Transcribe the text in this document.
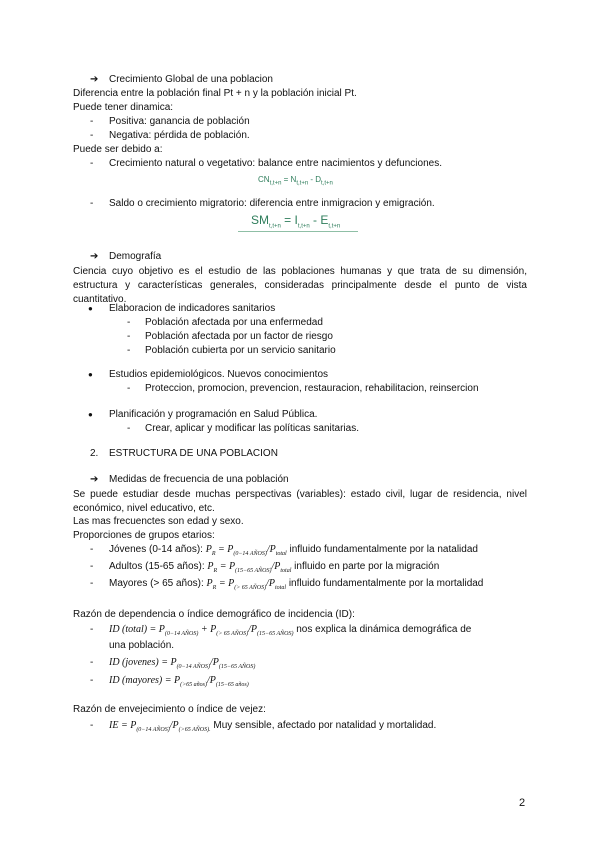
➔ Crecimiento Global de una poblacion
Diferencia entre la población final Pt + n y la población inicial Pt.
Puede tener dinamica:
- Positiva: ganancia de población
- Negativa: pérdida de población.
Puede ser debido a:
- Crecimiento natural o vegetativo: balance entre nacimientos y defunciones.
$CN_{t,t+n} = N_{t,t+n} - D_{t,t+n}$
- Saldo o crecimiento migratorio: diferencia entre inmigracion y emigración.
$SM_{t,t+n} = I_{t,t+n} - E_{t,t+n}$
➔ Demografía
Ciencia cuyo objetivo es el estudio de las poblaciones humanas y que trata de su dimensión, estructura y características generales, consideradas principalmente desde el punto de vista cuantitativo.
● Elaboracion de indicadores sanitarios
- Población afectada por una enfermedad
- Población afectada por un factor de riesgo
- Población cubierta por un servicio sanitario
● Estudios epidemiológicos. Nuevos conocimientos
- Proteccion, promocion, prevencion, restauracion, rehabilitacion, reinsercion
● Planificación y programación en Salud Pública.
- Crear, aplicar y modificar las políticas sanitarias.
2. ESTRUCTURA DE UNA POBLACION
➔ Medidas de frecuencia de una población
Se puede estudiar desde muchas perspectivas (variables): estado civil, lugar de residencia, nivel económico, nivel educativo, etc.
Las mas frecuenctes son edad y sexo.
Proporciones de grupos etarios:
- Jóvenes (0-14 años): $P_R = P_{(0-14 AÑOS)}/P_{total}$ influido fundamentalmente por la natalidad
- Adultos (15-65 años): $P_R = P_{(15-65 AÑOS)}/P_{total}$ influido en parte por la migración
- Mayores (> 65 años): $P_R = P_{(> 65 AÑOS)}/P_{total}$ influido fundamentalmente por la mortalidad
Razón de dependencia o índice demográfico de incidencia (ID):
- ID (total) = $P_{(0-14 AÑOS)} + P_{(> 65 AÑOS)}/P_{(15-65 AÑOS)}$ nos explica la dinámica demográfica de
una población.
- ID (jovenes) = $P_{(0-14 AÑOS)}/P_{(15-65 AÑOS)}$
- ID (mayores) = $P_{(>65 años)}/P_{(15-65 años)}$
Razón de envejecimiento o índice de vejez:
- IE = $P_{(0-14 AÑOS)}/P_{(>65 AÑOS).}$ Muy sensible, afectado por natalidad y mortalidad.
2
